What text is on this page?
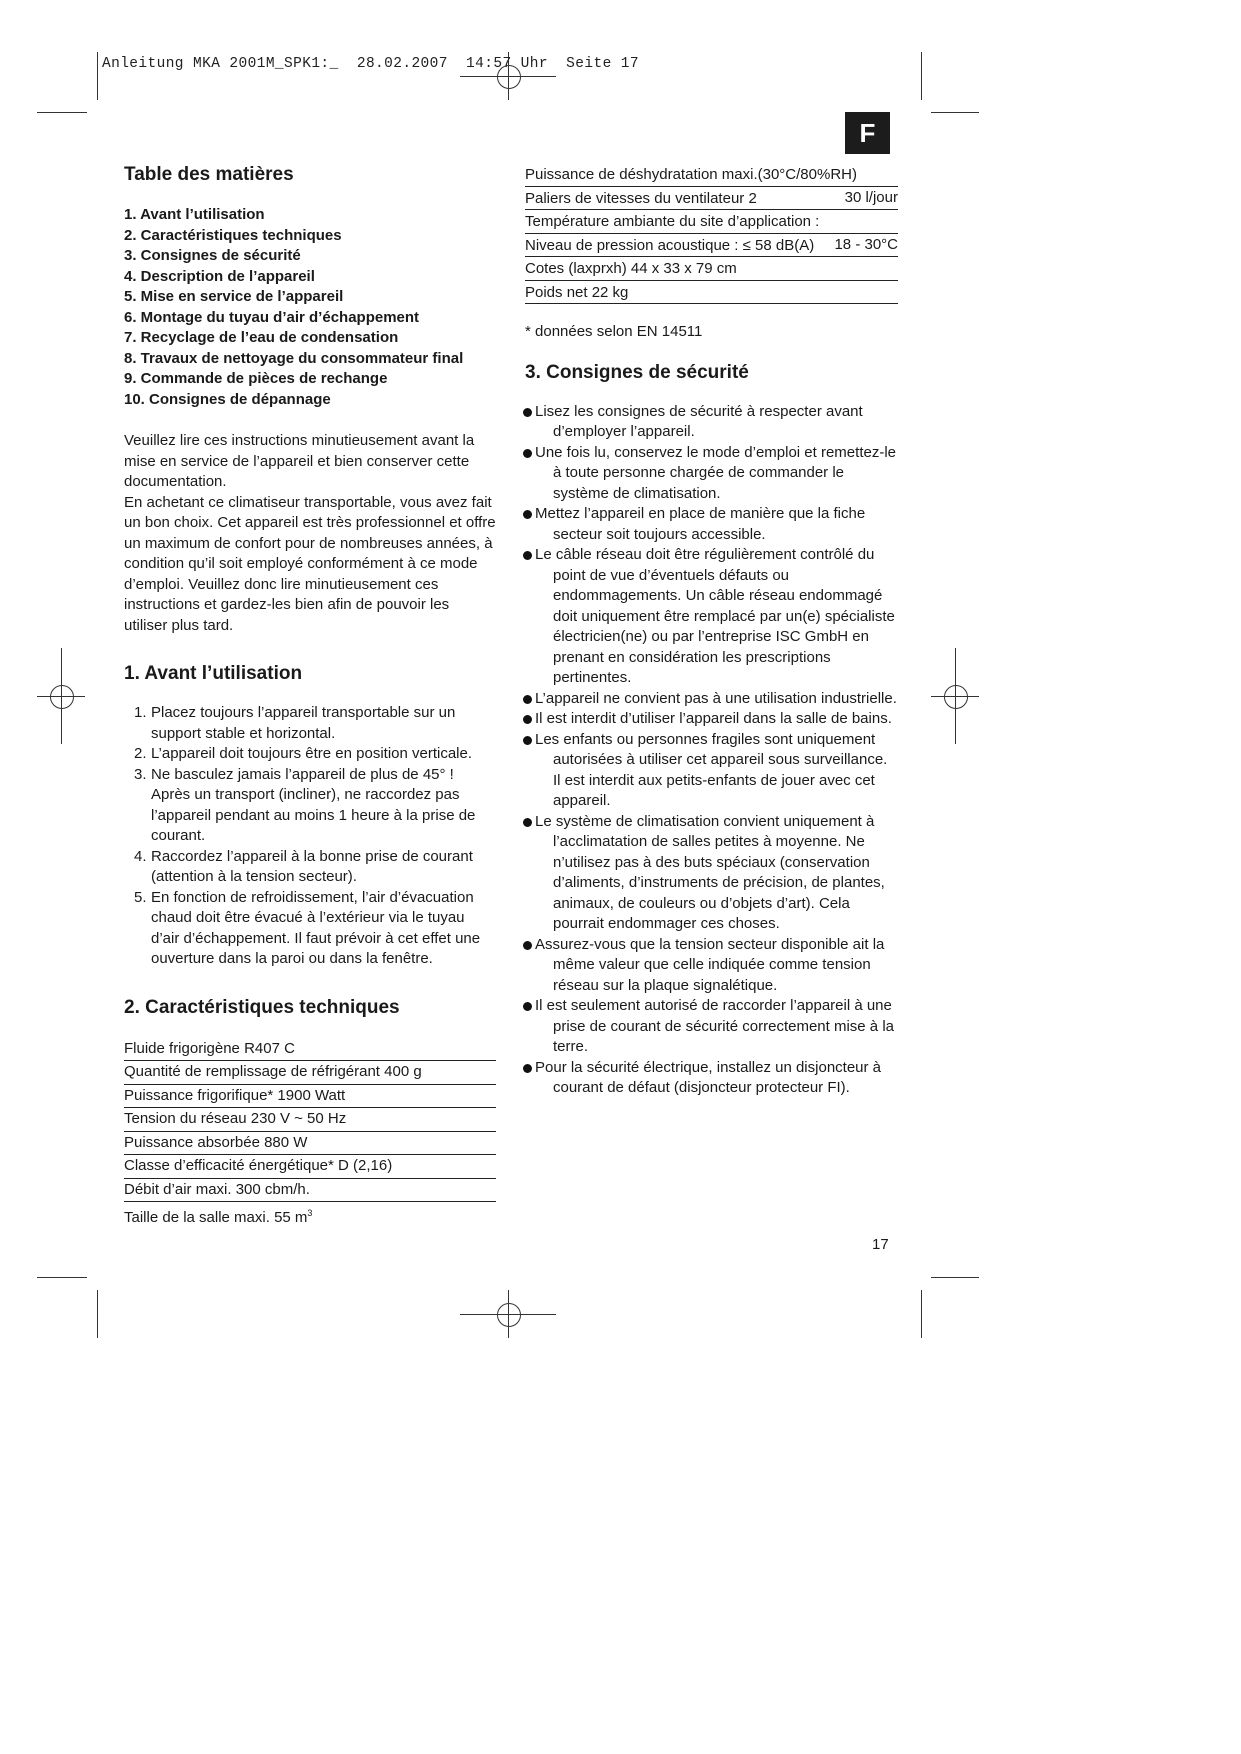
Anleitung MKA 2001M_SPK1:_  28.02.2007  14:57 Uhr  Seite 17
F
Table des matières
1. Avant l’utilisation
2. Caractéristiques techniques
3. Consignes de sécurité
4. Description de l’appareil
5. Mise en service de l’appareil
6. Montage du tuyau d’air d’échappement
7. Recyclage de l’eau de condensation
8. Travaux de nettoyage du consommateur final
9. Commande de pièces de rechange
10. Consignes de dépannage
Veuillez lire ces instructions minutieusement avant la mise en service de l’appareil et bien conserver cette documentation.
En achetant ce climatiseur transportable, vous avez fait un bon choix. Cet appareil est très professionnel et offre un maximum de confort pour de nombreuses années, à condition qu’il soit employé conformément à ce mode d’emploi. Veuillez donc lire minutieusement ces instructions et gardez-les bien afin de pouvoir les utiliser plus tard.
1. Avant l’utilisation
1. Placez toujours l’appareil transportable sur un support stable et horizontal.
2. L’appareil doit toujours être en position verticale.
3. Ne basculez jamais l’appareil de plus de 45° ! Après un transport (incliner), ne raccordez pas l’appareil pendant au moins 1 heure à la prise de courant.
4. Raccordez l’appareil à la bonne prise de courant (attention à la tension secteur).
5. En fonction de refroidissement, l’air d’évacuation chaud doit être évacué à l’extérieur via le tuyau d’air d’échappement. Il faut prévoir à cet effet une ouverture dans la paroi ou dans la fenêtre.
2. Caractéristiques techniques
Fluide frigorigène R407 C
Quantité de remplissage de réfrigérant 400 g
Puissance frigorifique* 1900 Watt
Tension du réseau 230 V ~ 50 Hz
Puissance absorbée 880 W
Classe d’efficacité énergétique* D (2,16)
Débit d’air maxi. 300 cbm/h.
Taille de la salle maxi. 55 $m^3$
Puissance de déshydratation maxi.(30°C/80%RH)
30 l/jour
Paliers de vitesses du ventilateur 2
Température ambiante du site d’application :
18 - 30°C
Niveau de pression acoustique : ≤ 58 dB(A)
Cotes (laxprxh) 44 x 33 x 79 cm
Poids net 22 kg
* données selon EN 14511
3. Consignes de sécurité
Lisez les consignes de sécurité à respecter avant d’employer l’appareil.
Une fois lu, conservez le mode d’emploi et remettez-le à toute personne chargée de commander le système de climatisation.
Mettez l’appareil en place de manière que la fiche secteur soit toujours accessible.
Le câble réseau doit être régulièrement contrôlé du point de vue d’éventuels défauts ou endommagements. Un câble réseau endommagé doit uniquement être remplacé par un(e) spécialiste électricien(ne) ou par l’entreprise ISC GmbH en prenant en considération les prescriptions pertinentes.
L’appareil ne convient pas à une utilisation industrielle.
Il est interdit d’utiliser l’appareil dans la salle de bains.
Les enfants ou personnes fragiles sont uniquement autorisées à utiliser cet appareil sous surveillance. Il est interdit aux petits-enfants de jouer avec cet appareil.
Le système de climatisation convient uniquement à l’acclimatation de salles petites à moyenne. Ne n’utilisez pas à des buts spéciaux (conservation d’aliments, d’instruments de précision, de plantes, animaux, de couleurs ou d’objets d’art). Cela pourrait endommager ces choses.
Assurez-vous que la tension secteur disponible ait la même valeur que celle indiquée comme tension réseau sur la plaque signalétique.
Il est seulement autorisé de raccorder l’appareil à une prise de courant de sécurité correctement mise à la terre.
Pour la sécurité électrique, installez un disjoncteur à courant de défaut (disjoncteur protecteur FI).
17
